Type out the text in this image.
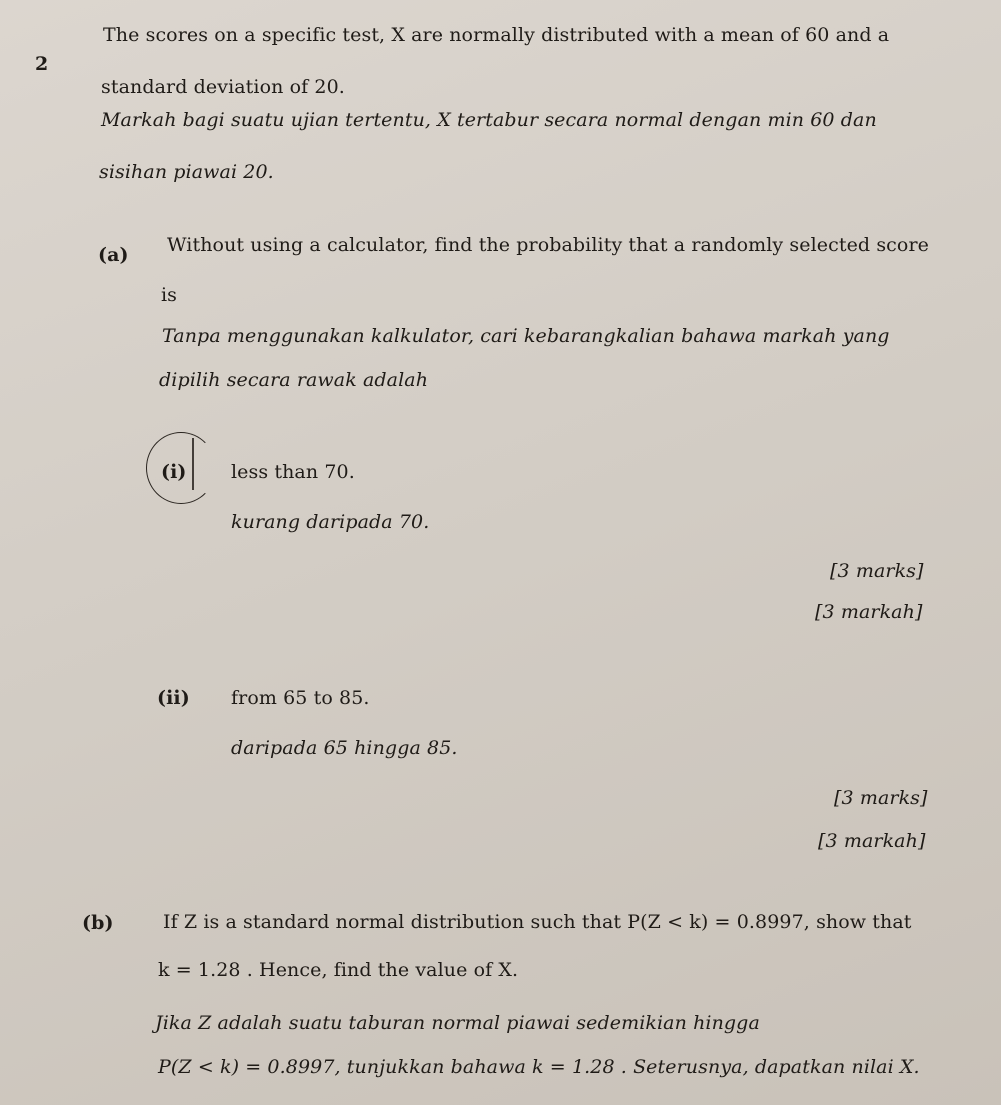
2
The scores on a specific test, X are normally distributed with a mean of 60 and a
standard deviation of 20.
Markah bagi suatu ujian tertentu, X tertabur secara normal dengan min 60 dan
sisihan piawai 20.
(a) Without using a calculator, find the probability that a randomly selected score
is
Tanpa menggunakan kalkulator, cari kebarangkalian bahawa markah yang
dipilih secara rawak adalah
(i) less than 70.
kurang daripada 70.
[3 marks]
[3 markah]
(ii) from 65 to 85.
daripada 65 hingga 85.
[3 marks]
[3 markah]
(b)	If Z is a standard normal distribution such that P(Z < k) = 0.8997, show that
k = 1.28 . Hence, find the value of X.
Jika Z adalah suatu taburan normal piawai sedemikian hingga
P(Z < k) = 0.8997, tunjukkan bahawa k = 1.28 . Seterusnya, dapatkan nilai X.
